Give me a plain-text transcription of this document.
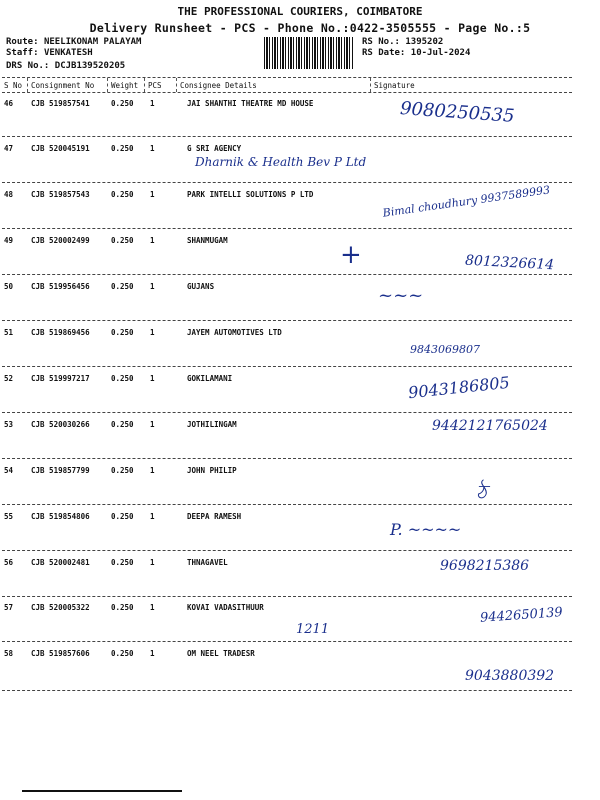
THE PROFESSIONAL COURIERS, COIMBATORE
Delivery Runsheet - PCS - Phone No.:0422-3505555 - Page No.:5
Route: NEELIKONAM PALAYAM
Staff: VENKATESH
DRS No.: DCJB139520205
RS No.: 1395202
RS Date: 10-Jul-2024
S No Consignment No Weight PCS Consignee Details	Signature
46 CJB 519857541	0.250 1	JAI SHANTHI THEATRE MD HOUSE	9080250535
47 CJB 520045191	0.250 1	G SRI AGENCY
Dharnik & Health Bev P Ltd
48 CJB 519857543	0.250 1	PARK INTELLI SOLUTIONS P LTD	Bimal choudhury 9937589993
49 CJB 520002499	0.250 1	SHANMUGAM	+	8012326614
50 CJB 519956456	0.250 1	GUJANS	~~~
51 CJB 519869456	0.250 1	JAYEM AUTOMOTIVES LTD
9843069807
52 CJB 519997217	0.250 1	GOKILAMANI	9043186805
53 CJB 520030266	0.250 1	JOTHILINGAM	9442121765024
54 CJB 519857799	0.250 1	JOHN PHILIP
ঠ
55 CJB 519854806	0.250 1	DEEPA RAMESH
P. ~~~~
56 CJB 520002481	0.250 1	THNAGAVEL	9698215386
57 CJB 520005322	0.250 1	KOVAI VADASITHUUR
1211
9442650139
58 CJB 519857606	0.250 1	OM NEEL TRADESR
9043880392
